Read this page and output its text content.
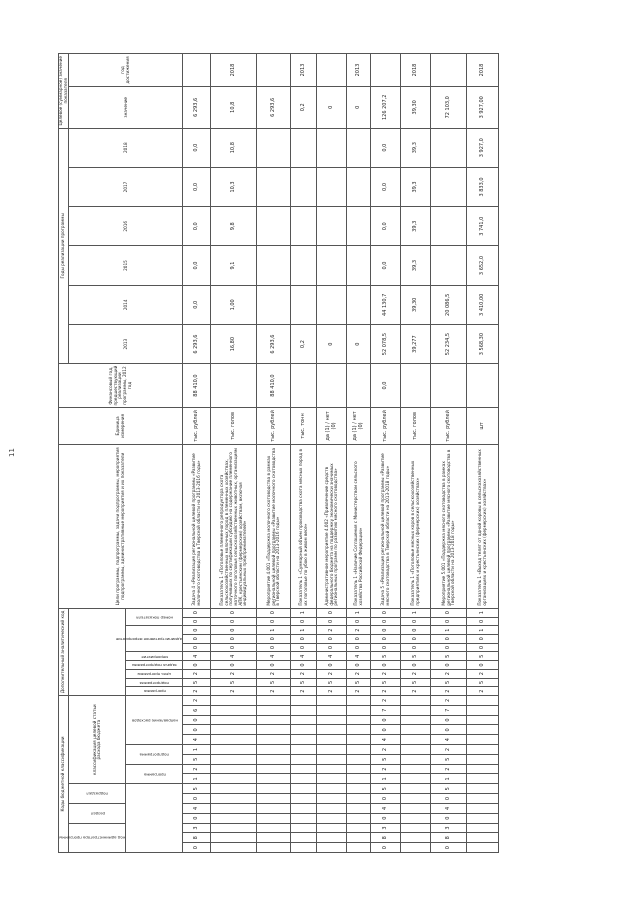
11
Коды бюджетной классификации																Дополнительный аналитический код										Цели программы, подпрограммы, задачи подпрограммы, мероприятия подпрограммы, административные мероприятия и их показатели	Единица измерения	Финансовый год, предшествующий реализации программы, 2012 год	Годы реализации программы						Целевое (суммарное) значение показателя	
код администратора программы			раздел		подраздел		классификация целевой статьи расхода бюджета																						2013	2014	2015	2016	2017	2018	значение	год достижения
							программа		подпрограмма		направление расходов					программа	подпрограмма	цель программы	задача подпрограммы	мероприятие	административное мероприятие			номер показателя												
0	8	3	0	4	0	5	1	2	5	1	4	0	0	6	2	2	5	2	0	4	0	0	0	0	0	Задача 4 «Реализация региональной целевой программы «Развитие молочного скотоводства в Тверской области на 2013-2016 годы»	тыс. рублей	88 410,0	6 293,6	0,0	0,0	0,0	0,0	0,0	6 293,6	
																2	5	2	0	4	0	0	0	0	0	Показатель 1 «Поголовье племенного репродуктора скота сельскохозяйственных молочных пород в племенных хозяйствах, получивших по сертификации субсидию на содержание племенного маточного поголовья сельскохозяйственных животных, организациям АПК, крестьянским (фермерским) хозяйствам, включая индивидуальных предпринимателей»	тыс. голов		16,80	1,00	9,1	9,8	10,3	10,8	10,8	2018
																2	5	2	0	4	0	0	1	0	0	Мероприятие 4.001 «Поддержка молочного скотоводства в рамках региональной целевой программы «Развитие молочного скотоводства в Тверской области на 2013-2016 годы»	тыс. рублей	88 410,0	6 293,6						6 293,6	
																2	5	2	0	4	0	0	1	0	1	Показатель 1 «Суммарный объем производства скота мясных пород в их поголовье по убою в живом весе»	тыс. тонн		0,2						0,2	2013
																2	5	2	0	4	0	0	2	0	0	Административное мероприятие 4.002 «Привлечение средств федерального бюджета на поддержку экономически значимых региональных программ по развитию мясного скотоводства»	да (1) / нет (0)		0						0	
																2	5	2	0	4	0	0	2	0	1	Показатель 1 «Наличие Соглашения с Министерством сельского хозяйства Российской Федерации»	да (1) / нет (0)		0						0	2013
0	8	3	0	4	0	5	1	2	5	2	4	0	0	7	2	2	5	2	0	5	0	0	0	0	0	Задача 5 «Реализация региональной целевой программы «Развитие мясного скотоводства в Тверской области на 2013-2018 годы»	тыс. рублей	0,0	52 078,5	44 130,7	0,0	0,0	0,0	0,0	126 207,2	
																2	5	2	0	5	0	0	0	0	1	Показатель 1 «Поголовье мясных коров в сельскохозяйственных предприятиях и крестьянских (фермерских) хозяйствах»	тыс. голов		39,277	39,30	39,3	39,3	39,3	39,3	39,30	2018
0	8	3	0	4	0	5	1	2	5	2	4	0	0	7	2	2	5	2	0	5	0	0	1	0	0	Мероприятие 5.001 «Поддержка мясного скотоводства в рамках региональной целевой программы «Развитие мясного скотоводства в Тверской области на 2013-2018 годы»	тыс. рублей		52 234,5	20 086,5					72 103,0	
																2	5	2	0	5	0	0	1	0	1	Показатель 1 «Выход телят от одной коровы в сельскохозяйственных организациях и крестьянских (фермерских) хозяйствах»	шт		3 568,30	3 410,00	3 652,0	3 741,0	3 833,0	3 927,0	3 927,00	2018
